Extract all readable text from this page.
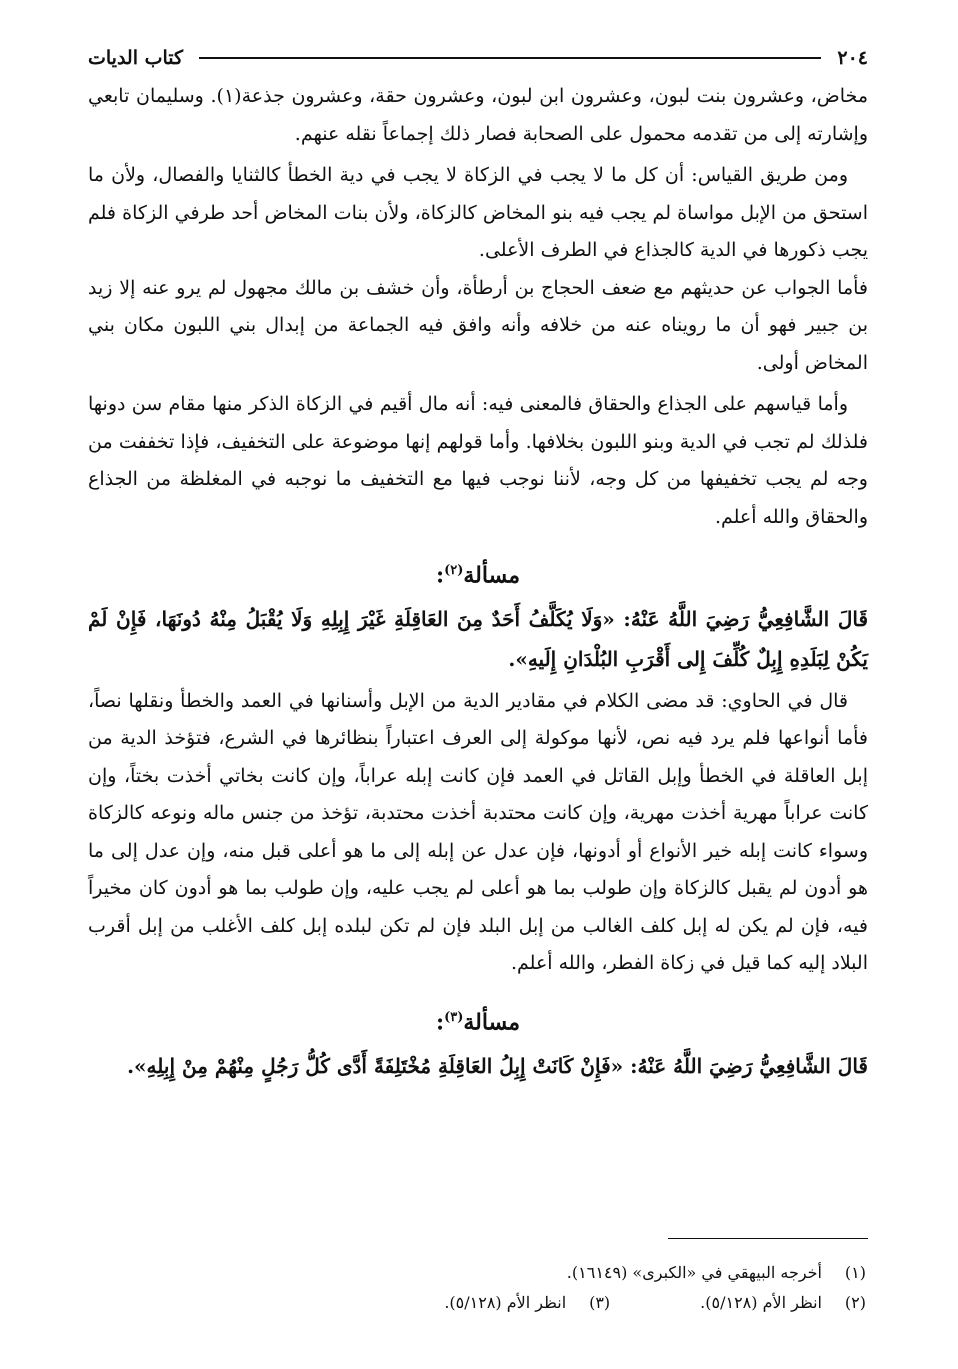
٢٠٤
كتاب الديات

مخاض، وعشرون بنت لبون، وعشرون ابن لبون، وعشرون حقة، وعشرون جذعة(١). وسليمان تابعي وإشارته إلى من تقدمه محمول على الصحابة فصار ذلك إجماعاً نقله عنهم.

ومن طريق القياس: أن كل ما لا يجب في الزكاة لا يجب في دية الخطأ كالثنايا والفصال، ولأن ما استحق من الإبل مواساة لم يجب فيه بنو المخاض كالزكاة، ولأن بنات المخاض أحد طرفي الزكاة فلم يجب ذكورها في الدية كالجذاع في الطرف الأعلى.

فأما الجواب عن حديثهم مع ضعف الحجاج بن أرطأة، وأن خشف بن مالك مجهول لم يرو عنه إلا زيد بن جبير فهو أن ما رويناه عنه من خلافه وأنه وافق فيه الجماعة من إبدال بني اللبون مكان بني المخاض أولى.

وأما قياسهم على الجذاع والحقاق فالمعنى فيه: أنه مال أقيم في الزكاة الذكر منها مقام سن دونها فلذلك لم تجب في الدية وبنو اللبون بخلافها. وأما قولهم إنها موضوعة على التخفيف، فإذا تخففت من وجه لم يجب تخفيفها من كل وجه، لأننا نوجب فيها مع التخفيف ما نوجبه في المغلظة من الجذاع والحقاق والله أعلم.

مسألة$^{(٢)}$:

قَالَ الشَّافِعِيُّ رَضِيَ اللَّهُ عَنْهُ: «وَلَا يُكَلَّفُ أَحَدٌ مِنَ العَاقِلَةِ غَيْرَ إِبِلِهِ وَلَا يُقْبَلُ مِنْهُ دُونَهَا، فَإِنْ لَمْ يَكُنْ لِبَلَدِهِ إِبِلٌ كُلِّفَ إِلى أَقْرَبِ البُلْدَانِ إِلَيهِ».

قال في الحاوي: قد مضى الكلام في مقادير الدية من الإبل وأسنانها في العمد والخطأ ونقلها نصاً، فأما أنواعها فلم يرد فيه نص، لأنها موكولة إلى العرف اعتباراً بنظائرها في الشرع، فتؤخذ الدية من إبل العاقلة في الخطأ وإبل القاتل في العمد فإن كانت إبله عراباً، وإن كانت بخاتي أخذت بختاً، وإن كانت عراباً مهرية أخذت مهرية، وإن كانت محتدبة أخذت محتدبة، تؤخذ من جنس ماله ونوعه كالزكاة وسواء كانت إبله خير الأنواع أو أدونها، فإن عدل عن إبله إلى ما هو أعلى قبل منه، وإن عدل إلى ما هو أدون لم يقبل كالزكاة وإن طولب بما هو أعلى لم يجب عليه، وإن طولب بما هو أدون كان مخيراً فيه، فإن لم يكن له إبل كلف الغالب من إبل البلد فإن لم تكن لبلده إبل كلف الأغلب من إبل أقرب البلاد إليه كما قيل في زكاة الفطر، والله أعلم.

مسألة$^{(٣)}$:

قَالَ الشَّافِعِيُّ رَضِيَ اللَّهُ عَنْهُ: «فَإِنْ كَانَتْ إِبِلُ العَاقِلَةِ مُخْتَلِفَةً أَدَّى كُلُّ رَجُلٍ مِنْهُمْ مِنْ إِبِلِهِ».

(١)
أخرجه البيهقي في «الكبرى» (١٦١٤٩).
(٢)
انظر الأم (٥/١٢٨).
(٣)
انظر الأم (٥/١٢٨).
